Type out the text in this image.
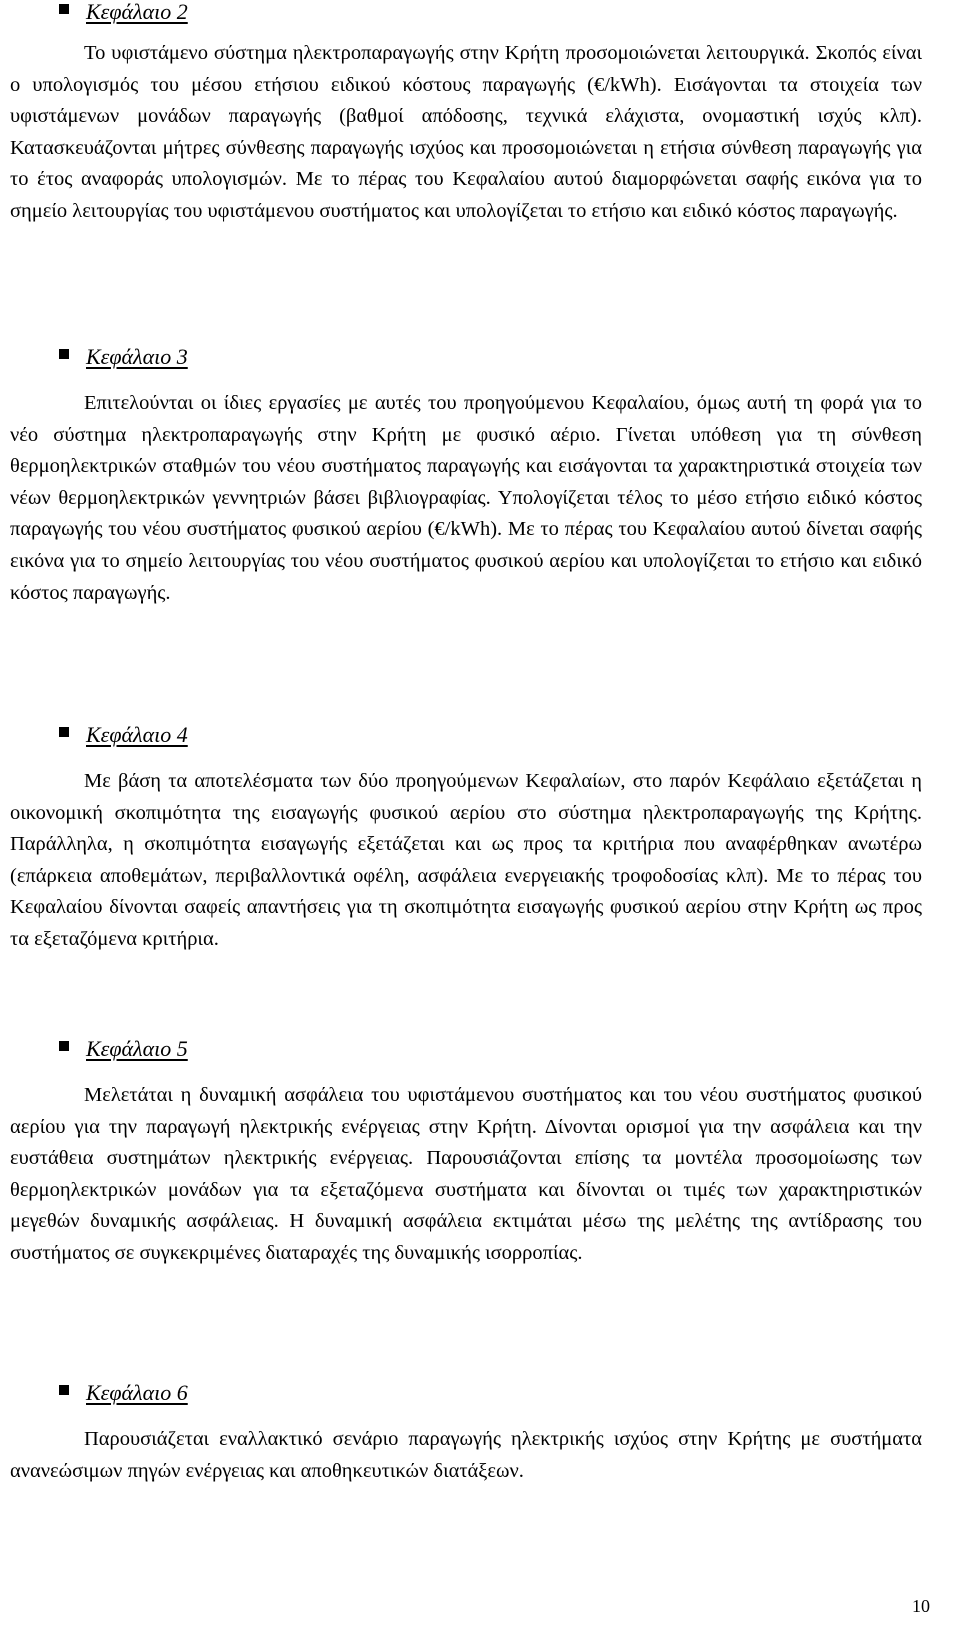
Κεφάλαιο 2

Το υφιστάμενο σύστημα ηλεκτροπαραγωγής στην Κρήτη προσομοιώνεται λειτουργικά. Σκοπός είναι ο υπολογισμός του μέσου ετήσιου ειδικού κόστους παραγωγής (€/kWh). Εισάγονται τα στοιχεία των υφιστάμενων μονάδων παραγωγής (βαθμοί απόδοσης, τεχνικά ελάχιστα, ονομαστική ισχύς κλπ). Κατασκευάζονται μήτρες σύνθεσης παραγωγής ισχύος και προσομοιώνεται η ετήσια σύνθεση παραγωγής για το έτος αναφοράς υπολογισμών. Με το πέρας του Κεφαλαίου αυτού διαμορφώνεται σαφής εικόνα για το σημείο λειτουργίας του υφιστάμενου συστήματος και υπολογίζεται το ετήσιο και ειδικό κόστος παραγωγής.

Κεφάλαιο 3

Επιτελούνται οι ίδιες εργασίες με αυτές του προηγούμενου Κεφαλαίου, όμως αυτή τη φορά για το νέο σύστημα ηλεκτροπαραγωγής στην Κρήτη με φυσικό αέριο. Γίνεται υπόθεση για τη σύνθεση θερμοηλεκτρικών σταθμών του νέου συστήματος παραγωγής και εισάγονται τα χαρακτηριστικά στοιχεία των νέων θερμοηλεκτρικών γεννητριών βάσει βιβλιογραφίας. Υπολογίζεται τέλος το μέσο ετήσιο ειδικό κόστος παραγωγής του νέου συστήματος φυσικού αερίου (€/kWh). Με το πέρας του Κεφαλαίου αυτού δίνεται σαφής εικόνα για το σημείο λειτουργίας του νέου συστήματος φυσικού αερίου και υπολογίζεται το ετήσιο και ειδικό κόστος παραγωγής.

Κεφάλαιο 4

Με βάση τα αποτελέσματα των δύο προηγούμενων Κεφαλαίων, στο παρόν Κεφάλαιο εξετάζεται η οικονομική σκοπιμότητα της εισαγωγής φυσικού αερίου στο σύστημα ηλεκτροπαραγωγής της Κρήτης. Παράλληλα, η σκοπιμότητα εισαγωγής εξετάζεται και ως προς τα κριτήρια που αναφέρθηκαν ανωτέρω (επάρκεια αποθεμάτων, περιβαλλοντικά οφέλη, ασφάλεια ενεργειακής τροφοδοσίας κλπ). Με το πέρας του Κεφαλαίου δίνονται σαφείς απαντήσεις για τη σκοπιμότητα εισαγωγής φυσικού αερίου στην Κρήτη ως προς τα εξεταζόμενα κριτήρια.

Κεφάλαιο 5

Μελετάται η δυναμική ασφάλεια του υφιστάμενου συστήματος και του νέου συστήματος φυσικού αερίου για την παραγωγή ηλεκτρικής ενέργειας στην Κρήτη. Δίνονται ορισμοί για την ασφάλεια και την ευστάθεια συστημάτων ηλεκτρικής ενέργειας. Παρουσιάζονται επίσης τα μοντέλα προσομοίωσης των θερμοηλεκτρικών μονάδων για τα εξεταζόμενα συστήματα και δίνονται οι τιμές των χαρακτηριστικών μεγεθών δυναμικής ασφάλειας. Η δυναμική ασφάλεια εκτιμάται μέσω της μελέτης της αντίδρασης του συστήματος σε συγκεκριμένες διαταραχές της δυναμικής ισορροπίας.

Κεφάλαιο 6

Παρουσιάζεται εναλλακτικό σενάριο παραγωγής ηλεκτρικής ισχύος στην Κρήτης με συστήματα ανανεώσιμων πηγών ενέργειας και αποθηκευτικών διατάξεων.

10
